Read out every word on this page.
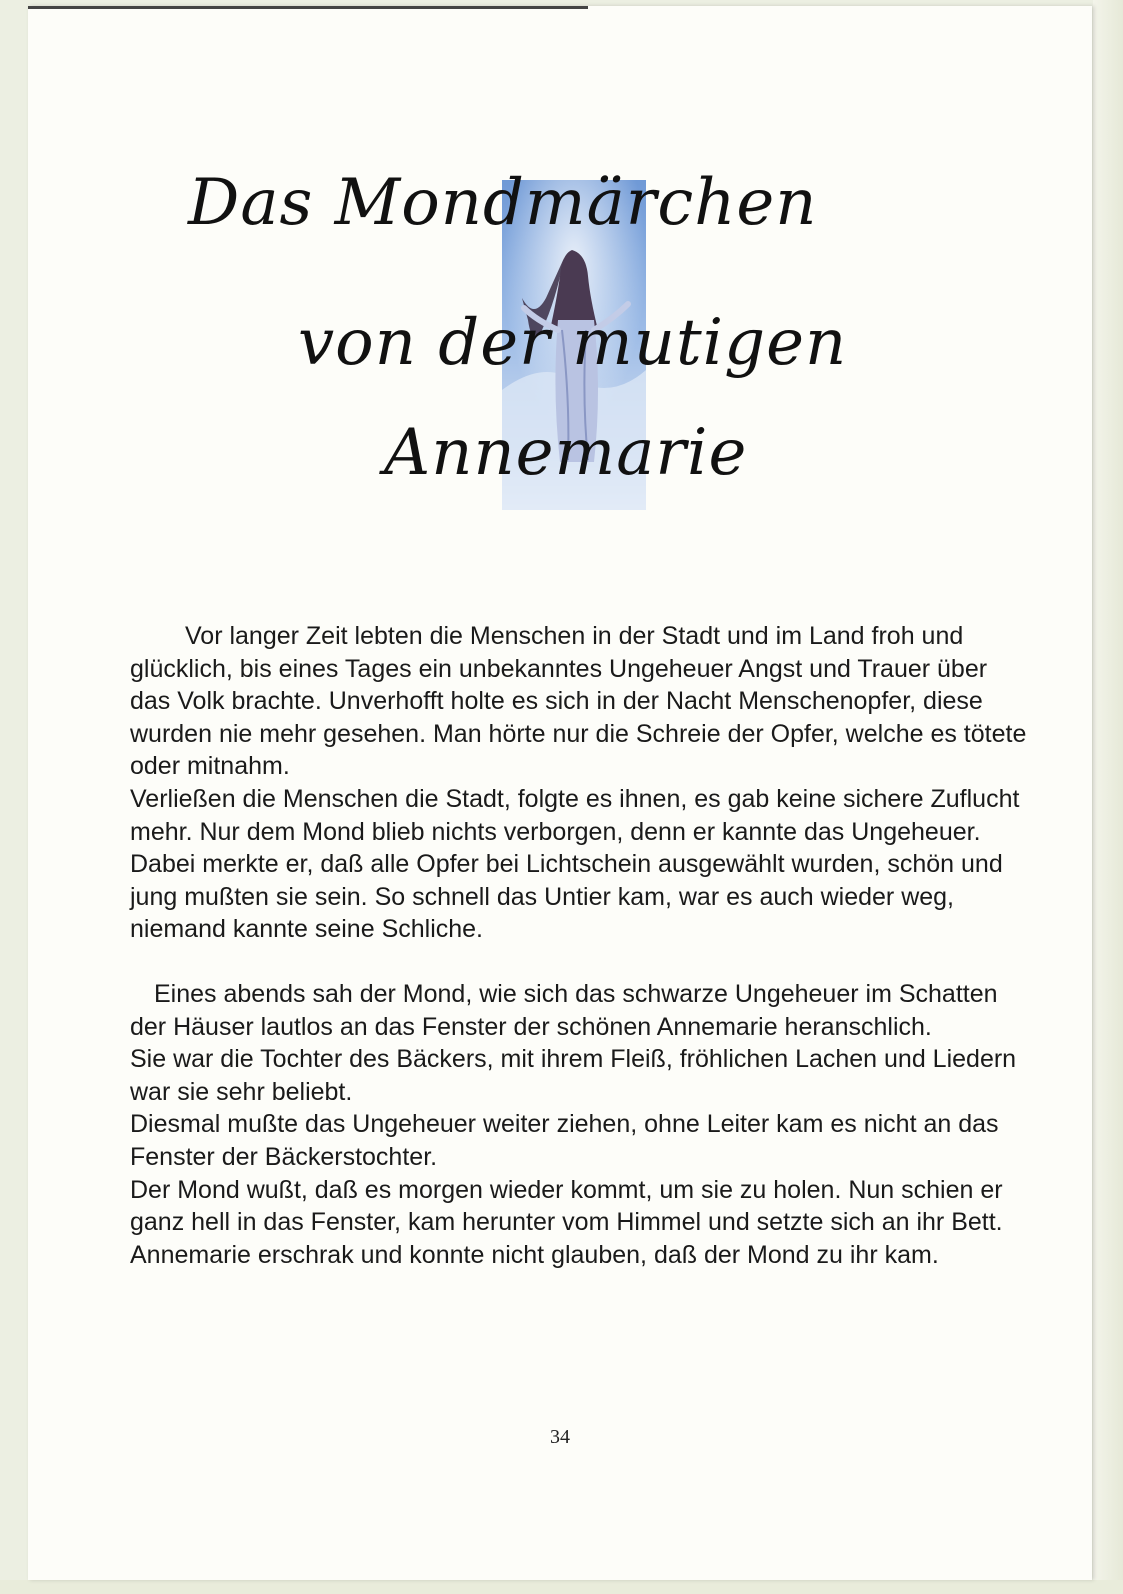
Das Mondmärchen
von der mutigen
Annemarie

Vor langer Zeit lebten die Menschen in der Stadt und im Land froh und glücklich, bis eines Tages ein unbekanntes Ungeheuer Angst und Trauer über das Volk brachte. Unverhofft holte es sich in der Nacht Menschenopfer, diese wurden nie mehr gesehen. Man hörte nur die Schreie der Opfer, welche es tötete oder mitnahm.

Verließen die Menschen die Stadt, folgte es ihnen, es gab keine sichere Zuflucht mehr. Nur dem Mond blieb nichts verborgen, denn er kannte das Ungeheuer.

Dabei merkte er, daß alle Opfer bei Lichtschein ausgewählt wurden, schön und jung mußten sie sein. So schnell das Untier kam, war es auch wieder weg, niemand kannte seine Schliche.

Eines abends sah der Mond, wie sich das schwarze Ungeheuer im Schatten der Häuser lautlos an das Fenster der schönen Annemarie heranschlich.

Sie war die Tochter des Bäckers, mit ihrem Fleiß, fröhlichen Lachen und Liedern war sie sehr beliebt.

Diesmal mußte das Ungeheuer weiter ziehen, ohne Leiter kam es nicht an das Fenster der Bäckerstochter.

Der Mond wußt, daß es morgen wieder kommt, um sie zu holen. Nun schien er ganz hell in das Fenster, kam herunter vom Himmel und setzte sich an ihr Bett.

Annemarie erschrak und konnte nicht glauben, daß der Mond zu ihr kam.

34
